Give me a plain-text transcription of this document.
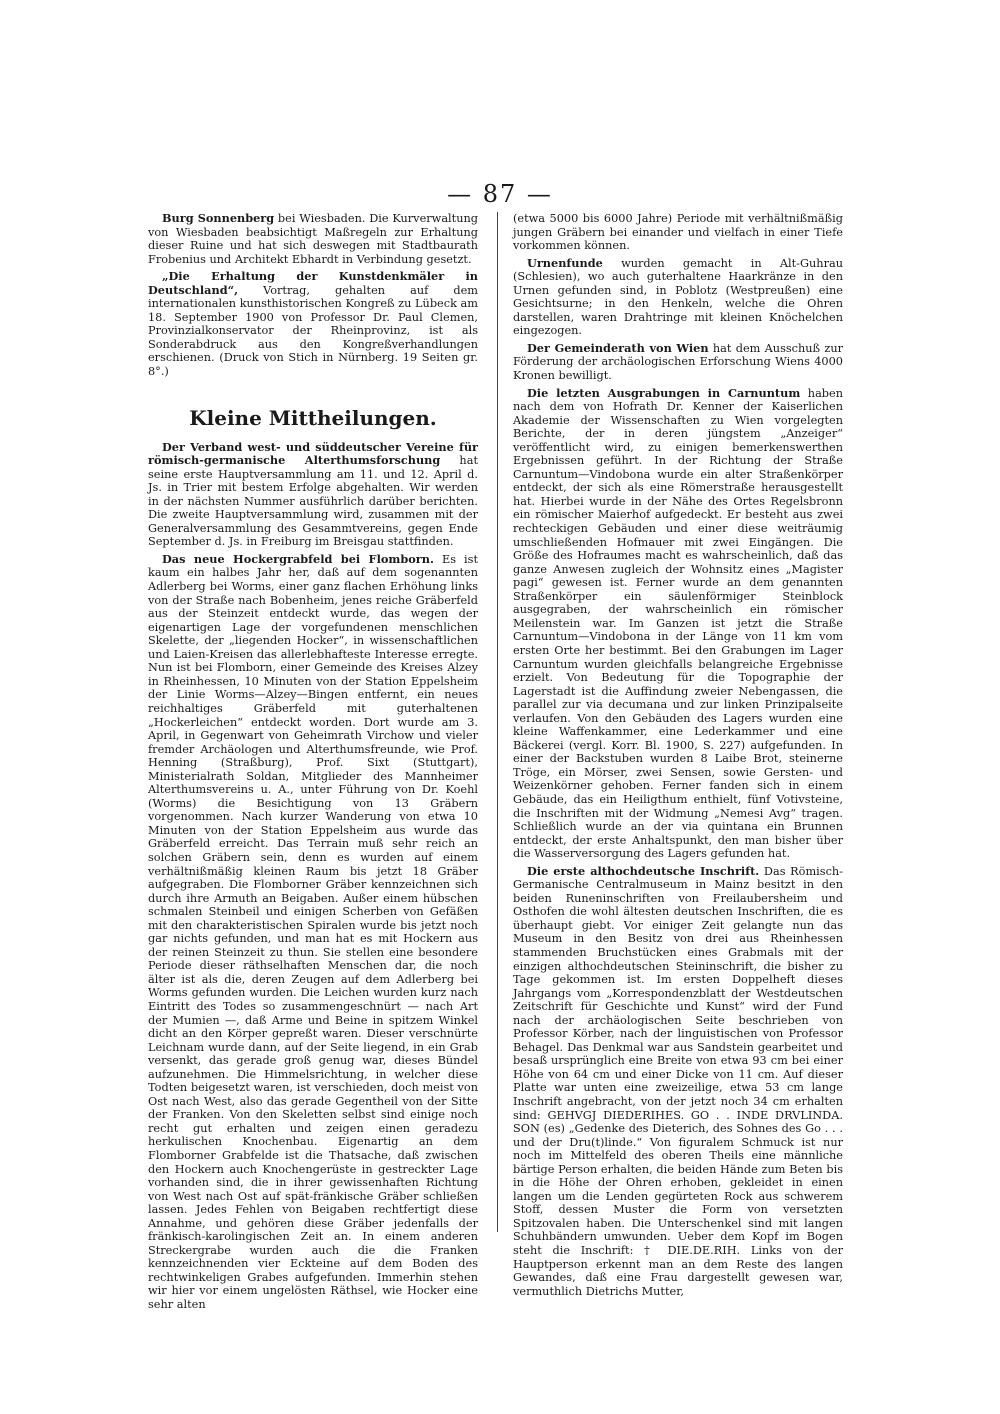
— 87 —

Burg Sonnenberg bei Wiesbaden. Die Kurverwaltung von Wiesbaden beabsichtigt Maßregeln zur Erhaltung dieser Ruine und hat sich deswegen mit Stadtbaurath Frobenius und Architekt Ebhardt in Verbindung gesetzt.

„Die Erhaltung der Kunstdenkmäler in Deutschland“, Vortrag, gehalten auf dem internationalen kunsthistorischen Kongreß zu Lübeck am 18. September 1900 von Professor Dr. Paul Clemen, Provinzialkonservator der Rheinprovinz, ist als Sonderabdruck aus den Kongreßverhandlungen erschienen. (Druck von Stich in Nürnberg. 19 Seiten gr. 8°.)

Kleine Mittheilungen.

Der Verband west- und süddeutscher Vereine für römisch-germanische Alterthumsforschung hat seine erste Hauptversammlung am 11. und 12. April d. Js. in Trier mit bestem Erfolge abgehalten. Wir werden in der nächsten Nummer ausführlich darüber berichten. Die zweite Hauptversammlung wird, zusammen mit der Generalversammlung des Gesammtvereins, gegen Ende September d. Js. in Freiburg im Breisgau stattfinden.

Das neue Hockergrabfeld bei Flomborn. Es ist kaum ein halbes Jahr her, daß auf dem sogenannten Adlerberg bei Worms, einer ganz flachen Erhöhung links von der Straße nach Bobenheim, jenes reiche Gräberfeld aus der Steinzeit entdeckt wurde, das wegen der eigenartigen Lage der vorgefundenen menschlichen Skelette, der „liegenden Hocker“, in wissenschaftlichen und Laien-Kreisen das allerlebhafteste Interesse erregte. Nun ist bei Flomborn, einer Gemeinde des Kreises Alzey in Rheinhessen, 10 Minuten von der Station Eppelsheim der Linie Worms—Alzey—Bingen entfernt, ein neues reichhaltiges Gräberfeld mit guterhaltenen „Hockerleichen“ entdeckt worden. Dort wurde am 3. April, in Gegenwart von Geheimrath Virchow und vieler fremder Archäologen und Alterthumsfreunde, wie Prof. Henning (Straßburg), Prof. Sixt (Stuttgart), Ministerialrath Soldan, Mitglieder des Mannheimer Alterthumsvereins u. A., unter Führung von Dr. Koehl (Worms) die Besichtigung von 13 Gräbern vorgenommen. Nach kurzer Wanderung von etwa 10 Minuten von der Station Eppelsheim aus wurde das Gräberfeld erreicht. Das Terrain muß sehr reich an solchen Gräbern sein, denn es wurden auf einem verhältnißmäßig kleinen Raum bis jetzt 18 Gräber aufgegraben. Die Flomborner Gräber kennzeichnen sich durch ihre Armuth an Beigaben. Außer einem hübschen schmalen Steinbeil und einigen Scherben von Gefäßen mit den charakteristischen Spiralen wurde bis jetzt noch gar nichts gefunden, und man hat es mit Hockern aus der reinen Steinzeit zu thun. Sie stellen eine besondere Periode dieser räthselhaften Menschen dar, die noch älter ist als die, deren Zeugen auf dem Adlerberg bei Worms gefunden wurden. Die Leichen wurden kurz nach Eintritt des Todes so zusammengeschnürt — nach Art der Mumien —, daß Arme und Beine in spitzem Winkel dicht an den Körper gepreßt waren. Dieser verschnürte Leichnam wurde dann, auf der Seite liegend, in ein Grab versenkt, das gerade groß genug war, dieses Bündel aufzunehmen. Die Himmelsrichtung, in welcher diese Todten beigesetzt waren, ist verschieden, doch meist von Ost nach West, also das gerade Gegentheil von der Sitte der Franken. Von den Skeletten selbst sind einige noch recht gut erhalten und zeigen einen geradezu herkulischen Knochenbau. Eigenartig an dem Flomborner Grabfelde ist die Thatsache, daß zwischen den Hockern auch Knochengerüste in gestreckter Lage vorhanden sind, die in ihrer gewissenhaften Richtung von West nach Ost auf spät-fränkische Gräber schließen lassen. Jedes Fehlen von Beigaben rechtfertigt diese Annahme, und gehören diese Gräber jedenfalls der fränkisch-karolingischen Zeit an. In einem anderen Streckergrabe wurden auch die die Franken kennzeichnenden vier Eckteine auf dem Boden des rechtwinkeligen Grabes aufgefunden. Immerhin stehen wir hier vor einem ungelösten Räthsel, wie Hocker eine sehr alten

(etwa 5000 bis 6000 Jahre) Periode mit verhältnißmäßig jungen Gräbern bei einander und vielfach in einer Tiefe vorkommen können.

Urnenfunde wurden gemacht in Alt-Guhrau (Schlesien), wo auch guterhaltene Haarkränze in den Urnen gefunden sind, in Poblotz (Westpreußen) eine Gesichtsurne; in den Henkeln, welche die Ohren darstellen, waren Drahtringe mit kleinen Knöchelchen eingezogen.

Der Gemeinderath von Wien hat dem Ausschuß zur Förderung der archäologischen Erforschung Wiens 4000 Kronen bewilligt.

Die letzten Ausgrabungen in Carnuntum haben nach dem von Hofrath Dr. Kenner der Kaiserlichen Akademie der Wissenschaften zu Wien vorgelegten Berichte, der in deren jüngstem „Anzeiger“ veröffentlicht wird, zu einigen bemerkenswerthen Ergebnissen geführt. In der Richtung der Straße Carnuntum—Vindobona wurde ein alter Straßenkörper entdeckt, der sich als eine Römerstraße herausgestellt hat. Hierbei wurde in der Nähe des Ortes Regelsbronn ein römischer Maierhof aufgedeckt. Er besteht aus zwei rechteckigen Gebäuden und einer diese weiträumig umschließenden Hofmauer mit zwei Eingängen. Die Größe des Hofraumes macht es wahrscheinlich, daß das ganze Anwesen zugleich der Wohnsitz eines „Magister pagi“ gewesen ist. Ferner wurde an dem genannten Straßenkörper ein säulenförmiger Steinblock ausgegraben, der wahrscheinlich ein römischer Meilenstein war. Im Ganzen ist jetzt die Straße Carnuntum—Vindobona in der Länge von 11 km vom ersten Orte her bestimmt. Bei den Grabungen im Lager Carnuntum wurden gleichfalls belangreiche Ergebnisse erzielt. Von Bedeutung für die Topographie der Lagerstadt ist die Auffindung zweier Nebengassen, die parallel zur via decumana und zur linken Prinzipalseite verlaufen. Von den Gebäuden des Lagers wurden eine kleine Waffenkammer, eine Lederkammer und eine Bäckerei (vergl. Korr. Bl. 1900, S. 227) aufgefunden. In einer der Backstuben wurden 8 Laibe Brot, steinerne Tröge, ein Mörser, zwei Sensen, sowie Gersten- und Weizenkörner gehoben. Ferner fanden sich in einem Gebäude, das ein Heiligthum enthielt, fünf Votivsteine, die Inschriften mit der Widmung „Nemesi Avg“ tragen. Schließlich wurde an der via quintana ein Brunnen entdeckt, der erste Anhaltspunkt, den man bisher über die Wasserversorgung des Lagers gefunden hat.

Die erste althochdeutsche Inschrift. Das Römisch-Germanische Centralmuseum in Mainz besitzt in den beiden Runeninschriften von Freilaubersheim und Osthofen die wohl ältesten deutschen Inschriften, die es überhaupt giebt. Vor einiger Zeit gelangte nun das Museum in den Besitz von drei aus Rheinhessen stammenden Bruchstücken eines Grabmals mit der einzigen althochdeutschen Steininschrift, die bisher zu Tage gekommen ist. Im ersten Doppelheft dieses Jahrgangs vom „Korrespondenzblatt der Westdeutschen Zeitschrift für Geschichte und Kunst“ wird der Fund nach der archäologischen Seite beschrieben von Professor Körber, nach der linguistischen von Professor Behagel. Das Denkmal war aus Sandstein gearbeitet und besaß ursprünglich eine Breite von etwa 93 cm bei einer Höhe von 64 cm und einer Dicke von 11 cm. Auf dieser Platte war unten eine zweizeilige, etwa 53 cm lange Inschrift angebracht, von der jetzt noch 34 cm erhalten sind: GEHVGJ DIEDERIHES. GO . . INDE DRVLINDA. SON (es) „Gedenke des Dieterich, des Sohnes des Go . . . und der Dru(t)linde.“ Von figuralem Schmuck ist nur noch im Mittelfeld des oberen Theils eine männliche bärtige Person erhalten, die beiden Hände zum Beten bis in die Höhe der Ohren erhoben, gekleidet in einen langen um die Lenden gegürteten Rock aus schwerem Stoff, dessen Muster die Form von versetzten Spitzovalen haben. Die Unterschenkel sind mit langen Schuhbändern umwunden. Ueber dem Kopf im Bogen steht die Inschrift: † DIE.DE.RIH. Links von der Hauptperson erkennt man an dem Reste des langen Gewandes, daß eine Frau dargestellt gewesen war, vermuthlich Dietrichs Mutter,
